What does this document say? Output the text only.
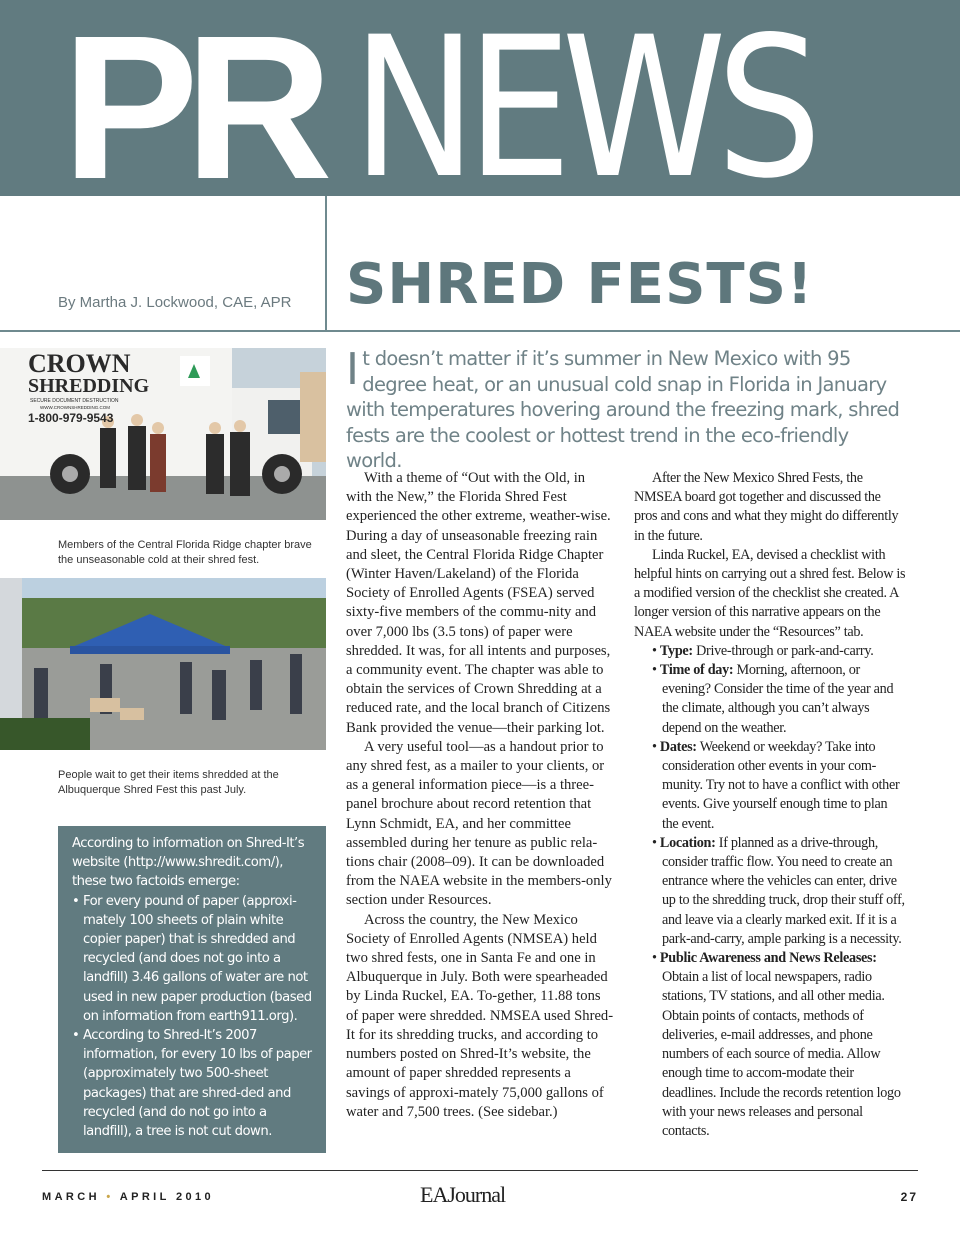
PR NEWS
By Martha J. Lockwood, CAE, APR SHRED FESTS!
CROWN
SHREDDING
SECURE DOCUMENT DESTRUCTION
WWW.CROWNSHREDDING.COM
1-800-979-9543
Members of the Central Florida Ridge chapter brave the unseasonable cold at their shred fest.
People wait to get their items shredded at the Albuquerque Shred Fest this past July.
According to information on Shred-It’s website (http://www.shredit.com/), these two factoids emerge:
• For every pound of paper (approxi-mately 100 sheets of plain white copier paper) that is shredded and recycled (and does not go into a landfill) 3.46 gallons of water are not used in new paper production (based on information from earth911.org).
• According to Shred-It’s 2007 information, for every 10 lbs of paper (approximately two 500-sheet packages) that are shred-ded and recycled (and do not go into a landfill), a tree is not cut down.
It doesn’t matter if it’s summer in New Mexico with 95 degree heat, or an unusual cold snap in Florida in January with temperatures hovering around the freezing mark, shred fests are the coolest or hottest trend in the eco-friendly world.

With a theme of “Out with the Old, in with the New,” the Florida Shred Fest experienced the other extreme, weather-wise. During a day of unseasonable freezing rain and sleet, the Central Florida Ridge Chapter (Winter Haven/Lakeland) of the Florida Society of Enrolled Agents (FSEA) served sixty-five members of the commu-nity and over 7,000 lbs (3.5 tons) of paper were shredded. It was, for all intents and purposes, a community event. The chapter was able to obtain the services of Crown Shredding at a reduced rate, and the local branch of Citizens Bank provided the venue—their parking lot.

A very useful tool—as a handout prior to any shred fest, as a mailer to your clients, or as a general information piece—is a three-panel brochure about record retention that Lynn Schmidt, EA, and her committee assembled during her tenure as public rela-tions chair (2008–09). It can be downloaded from the NAEA website in the members-only section under Resources.

Across the country, the New Mexico Society of Enrolled Agents (NMSEA) held two shred fests, one in Santa Fe and one in Albuquerque in July. Both were spearheaded by Linda Ruckel, EA. To-gether, 11.88 tons of paper were shredded. NMSEA used Shred-It for its shredding trucks, and according to numbers posted on Shred-It’s website, the amount of paper shredded represents a savings of approxi-mately 75,000 gallons of water and 7,500 trees. (See sidebar.)

After the New Mexico Shred Fests, the NMSEA board got together and discussed the pros and cons and what they might do differently in the future.

Linda Ruckel, EA, devised a checklist with helpful hints on carrying out a shred fest. Below is a modified version of the checklist she created. A longer version of this narrative appears on the NAEA website under the “Resources” tab.

• Type: Drive-through or park-and-carry.
• Time of day: Morning, afternoon, or evening? Consider the time of the year and the climate, although you can’t always depend on the weather.
• Dates: Weekend or weekday? Take into consideration other events in your com-munity. Try not to have a conflict with other events. Give yourself enough time to plan the event.
• Location: If planned as a drive-through, consider traffic flow. You need to create an entrance where the vehicles can enter, drive up to the shredding truck, drop their stuff off, and leave via a clearly marked exit. If it is a park-and-carry, ample parking is a necessity.
• Public Awareness and News Releases: Obtain a list of local newspapers, radio stations, TV stations, and all other media. Obtain points of contacts, methods of deliveries, e-mail addresses, and phone numbers of each source of media. Allow enough time to accom-modate their deadlines. Include the records retention logo with your news releases and personal contacts.
MARCH • APRIL 2010	EAJournal	27
